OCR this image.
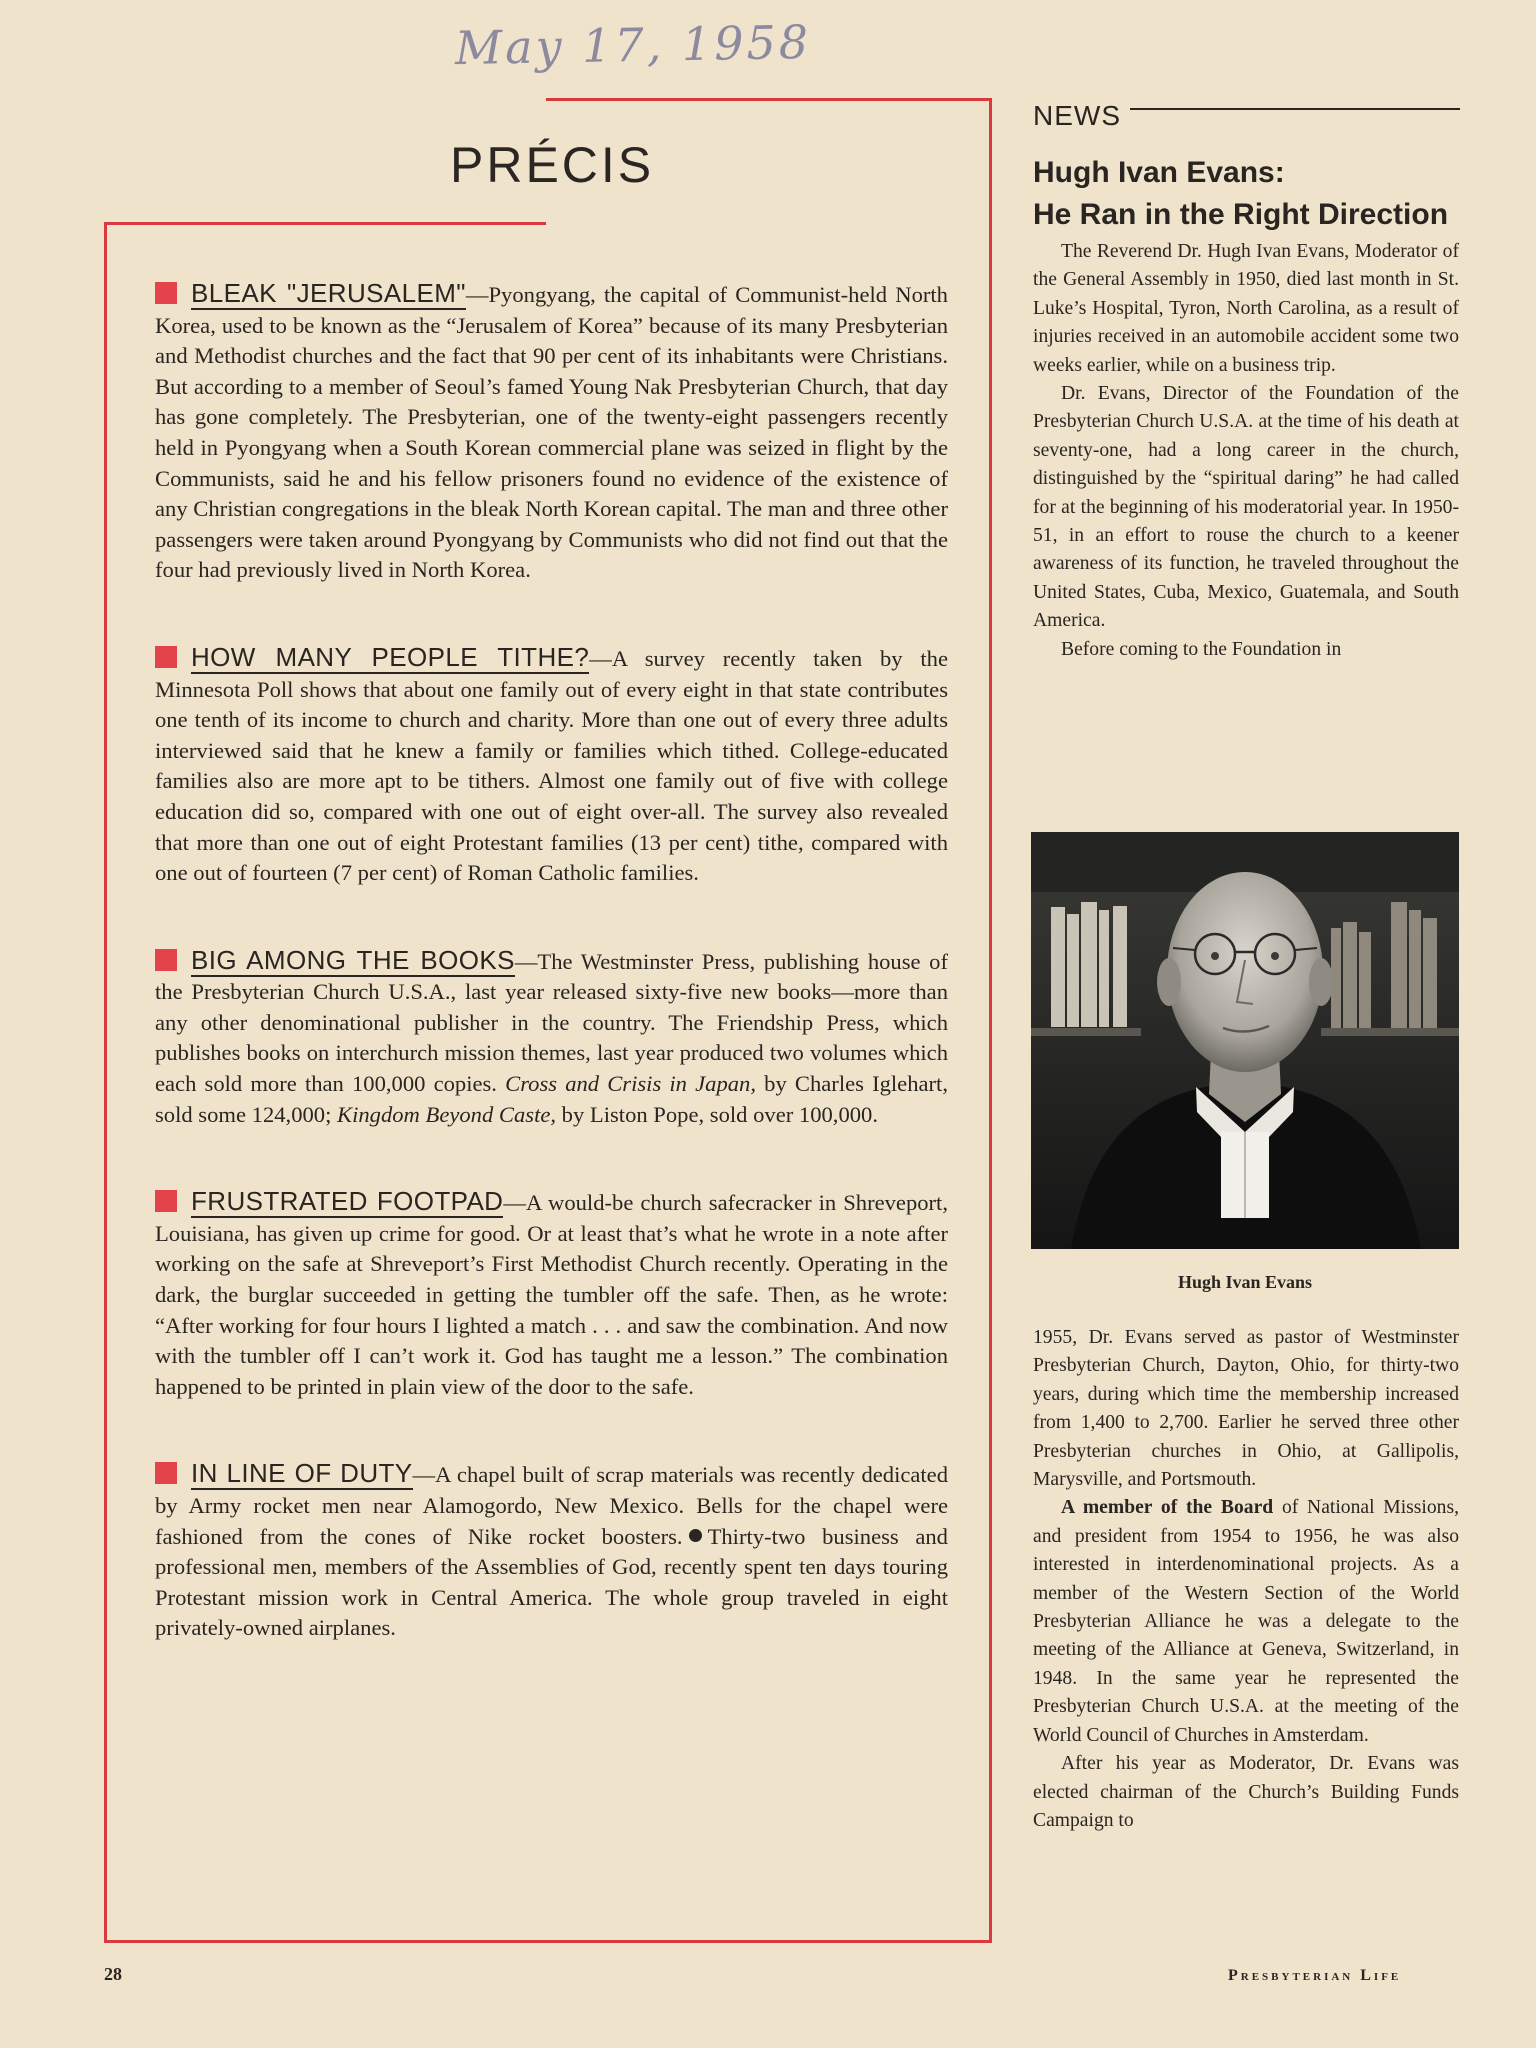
May 17, 1958
PRÉCIS
BLEAK "JERUSALEM"—Pyongyang, the capital of Communist-held North Korea, used to be known as the “Jerusalem of Korea” because of its many Presbyterian and Methodist churches and the fact that 90 per cent of its inhabitants were Christians. But according to a member of Seoul’s famed Young Nak Presbyterian Church, that day has gone completely. The Presbyterian, one of the twenty-eight passengers recently held in Pyongyang when a South Korean commercial plane was seized in flight by the Communists, said he and his fellow prisoners found no evidence of the existence of any Christian congregations in the bleak North Korean capital. The man and three other passengers were taken around Pyongyang by Communists who did not find out that the four had previously lived in North Korea.
HOW MANY PEOPLE TITHE?—A survey recently taken by the Minnesota Poll shows that about one family out of every eight in that state contributes one tenth of its income to church and charity. More than one out of every three adults interviewed said that he knew a family or families which tithed. College-educated families also are more apt to be tithers. Almost one family out of five with college education did so, compared with one out of eight over-all. The survey also revealed that more than one out of eight Protestant families (13 per cent) tithe, compared with one out of fourteen (7 per cent) of Roman Catholic families.
BIG AMONG THE BOOKS—The Westminster Press, publishing house of the Presbyterian Church U.S.A., last year released sixty-five new books—more than any other denominational publisher in the country. The Friendship Press, which publishes books on interchurch mission themes, last year produced two volumes which each sold more than 100,000 copies. Cross and Crisis in Japan, by Charles Iglehart, sold some 124,000; Kingdom Beyond Caste, by Liston Pope, sold over 100,000.
FRUSTRATED FOOTPAD—A would-be church safecracker in Shreveport, Louisiana, has given up crime for good. Or at least that’s what he wrote in a note after working on the safe at Shreveport’s First Methodist Church recently. Operating in the dark, the burglar succeeded in getting the tumbler off the safe. Then, as he wrote: “After working for four hours I lighted a match . . . and saw the combination. And now with the tumbler off I can’t work it. God has taught me a lesson.” The combination happened to be printed in plain view of the door to the safe.
IN LINE OF DUTY—A chapel built of scrap materials was recently dedicated by Army rocket men near Alamogordo, New Mexico. Bells for the chapel were fashioned from the cones of Nike rocket boosters. Thirty-two business and professional men, members of the Assemblies of God, recently spent ten days touring Protestant mission work in Central America. The whole group traveled in eight privately-owned airplanes.
NEWS
Hugh Ivan Evans:
He Ran in the Right Direction

The Reverend Dr. Hugh Ivan Evans, Moderator of the General Assembly in 1950, died last month in St. Luke’s Hospital, Tyron, North Carolina, as a result of injuries received in an automobile accident some two weeks earlier, while on a business trip.

Dr. Evans, Director of the Foundation of the Presbyterian Church U.S.A. at the time of his death at seventy-one, had a long career in the church, distinguished by the “spiritual daring” he had called for at the beginning of his moderatorial year. In 1950-51, in an effort to rouse the church to a keener awareness of its function, he traveled throughout the United States, Cuba, Mexico, Guatemala, and South America.

Before coming to the Foundation in

Hugh Ivan Evans

1955, Dr. Evans served as pastor of Westminster Presbyterian Church, Dayton, Ohio, for thirty-two years, during which time the membership increased from 1,400 to 2,700. Earlier he served three other Presbyterian churches in Ohio, at Gallipolis, Marysville, and Portsmouth.

A member of the Board of National Missions, and president from 1954 to 1956, he was also interested in interdenominational projects. As a member of the Western Section of the World Presbyterian Alliance he was a delegate to the meeting of the Alliance at Geneva, Switzerland, in 1948. In the same year he represented the Presbyterian Church U.S.A. at the meeting of the World Council of Churches in Amsterdam.

After his year as Moderator, Dr. Evans was elected chairman of the Church’s Building Funds Campaign to

28	Presbyterian Life
